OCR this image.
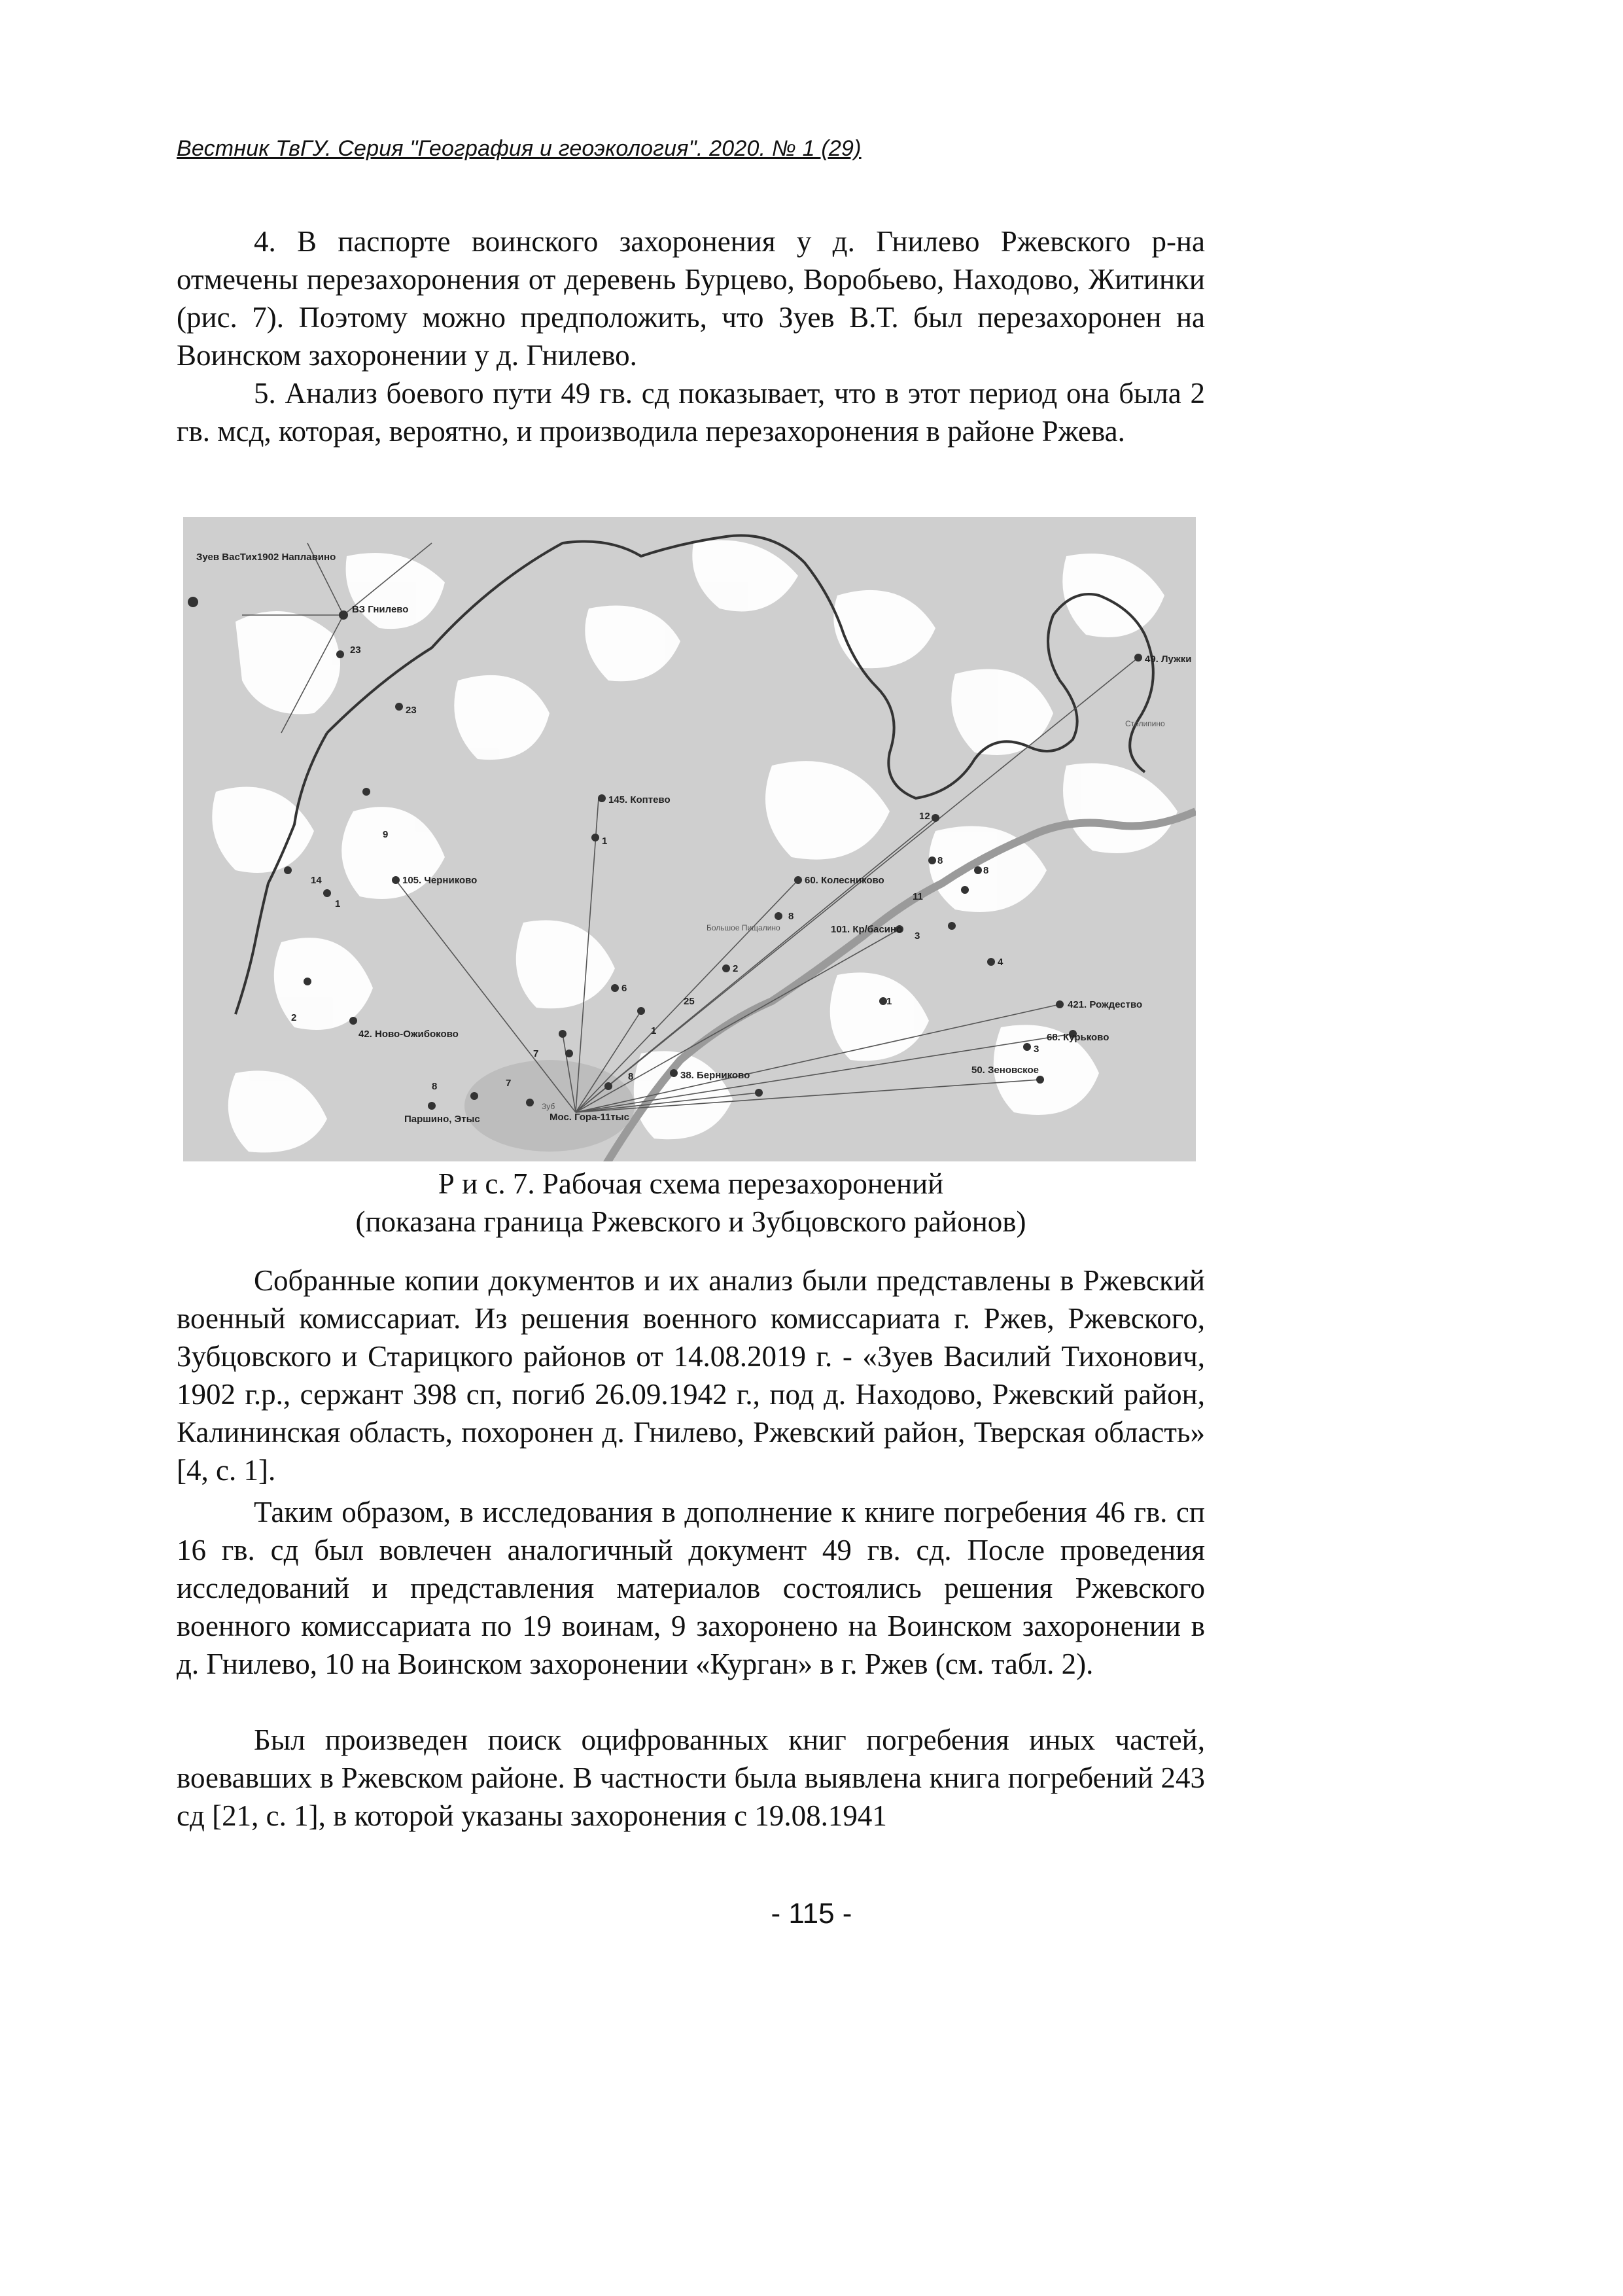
Вестник ТвГУ. Серия "География и геоэкология". 2020. № 1 (29)

4. В паспорте воинского захоронения у д. Гнилево Ржевского р-на отмечены перезахоронения от деревень Бурцево, Воробьево, Находово, Житинки (рис. 7). Поэтому можно предположить, что Зуев В.Т. был перезахоронен на Воинском захоронении у д. Гнилево.

5. Анализ боевого пути 49 гв. сд показывает, что в этот период она была 2 гв. мсд, которая, вероятно, и производила перезахоронения в районе Ржева.

Зуев ВасТих1902 Наплавино
ВЗ Гнилево
23
23
145. Коптево
1
9
105. Черниково
14
1
60. Колесниково
12
8
8
11
101. Кр/басино
3
8
4
2
6
25
1
1
2
42. Ново-Ожибоково
7
7
8
38. Берниково
8
421. Рождество
68. Курьково
3
50. Зеновское
49. Лужки
Столипино
Паршино, Этыс	Мос. Гора-11тыс
Большое Пищалино
Зуб
Р и с. 7. Рабочая схема перезахоронений
(показана граница Ржевского и Зубцовского районов)

Собранные копии документов и их анализ были представлены в Ржевский военный комиссариат. Из решения военного комиссариата г. Ржев, Ржевского, Зубцовского и Старицкого районов от 14.08.2019 г. - «Зуев Василий Тихонович, 1902 г.р., сержант 398 сп, погиб 26.09.1942 г., под д. Находово, Ржевский район, Калининская область, похоронен д. Гнилево, Ржевский район, Тверская область» [4, с. 1].

Таким образом, в исследования в дополнение к книге погребения 46 гв. сп 16 гв. сд был вовлечен аналогичный документ 49 гв. сд. После проведения исследований и представления материалов состоялись решения Ржевского военного комиссариата по 19 воинам, 9 захоронено на Воинском захоронении в д. Гнилево, 10 на Воинском захоронении «Курган» в г. Ржев (см. табл. 2).

Был произведен поиск оцифрованных книг погребения иных частей, воевавших в Ржевском районе. В частности была выявлена книга погребений 243 сд [21, с. 1], в которой указаны захоронения с 19.08.1941

- 115 -
